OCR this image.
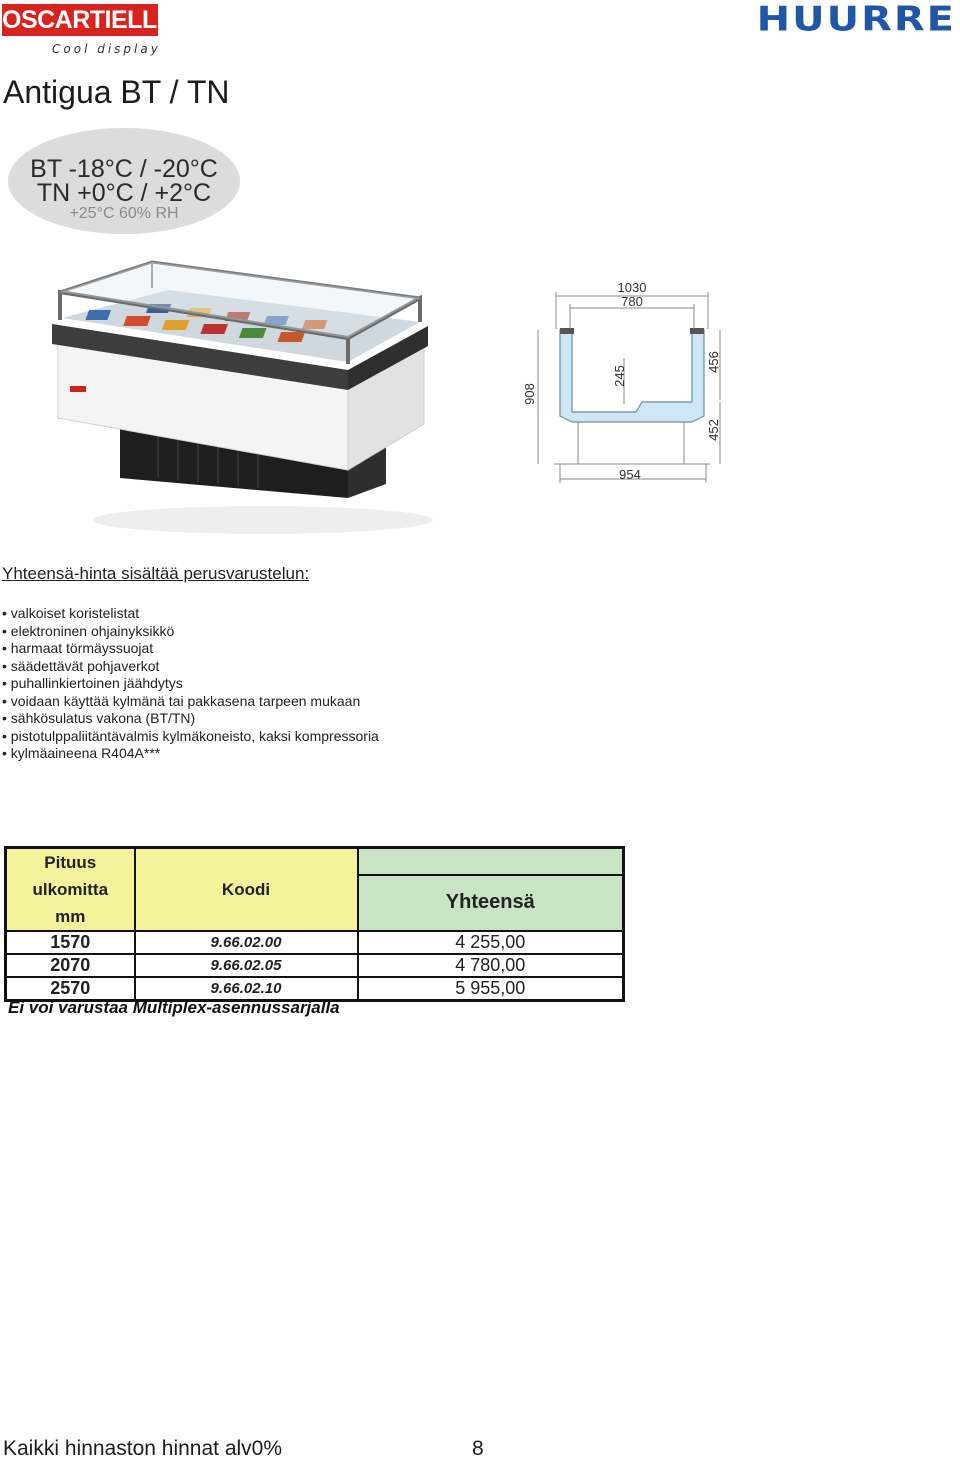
OSCARTIELLE
Cool display
HUURRE
Antigua BT / TN
BT -18°C / -20°C
TN +0°C / +2°C
+25°C 60% RH
1030
780
908
245
456
452
954
Yhteensä-hinta sisältää perusvarustelun:
• valkoiset koristelistat
• elektroninen ohjainyksikkö
• harmaat törmäyssuojat
• säädettävät pohjaverkot
• puhallinkiertoinen jäähdytys
• voidaan käyttää kylmänä tai pakkasena tarpeen mukaan
• sähkösulatus vakona (BT/TN)
• pistotulppaliitäntävalmis kylmäkoneisto, kaksi kompressoria
• kylmäaineena R404A***
Pituus
ulkomitta
mm	Koodi	
		Yhteensä
1570	9.66.02.00	4 255,00
2070	9.66.02.05	4 780,00
2570	9.66.02.10	5 955,00
Ei voi varustaa Multiplex-asennussarjalla
Kaikki hinnaston hinnat alv0%	8
